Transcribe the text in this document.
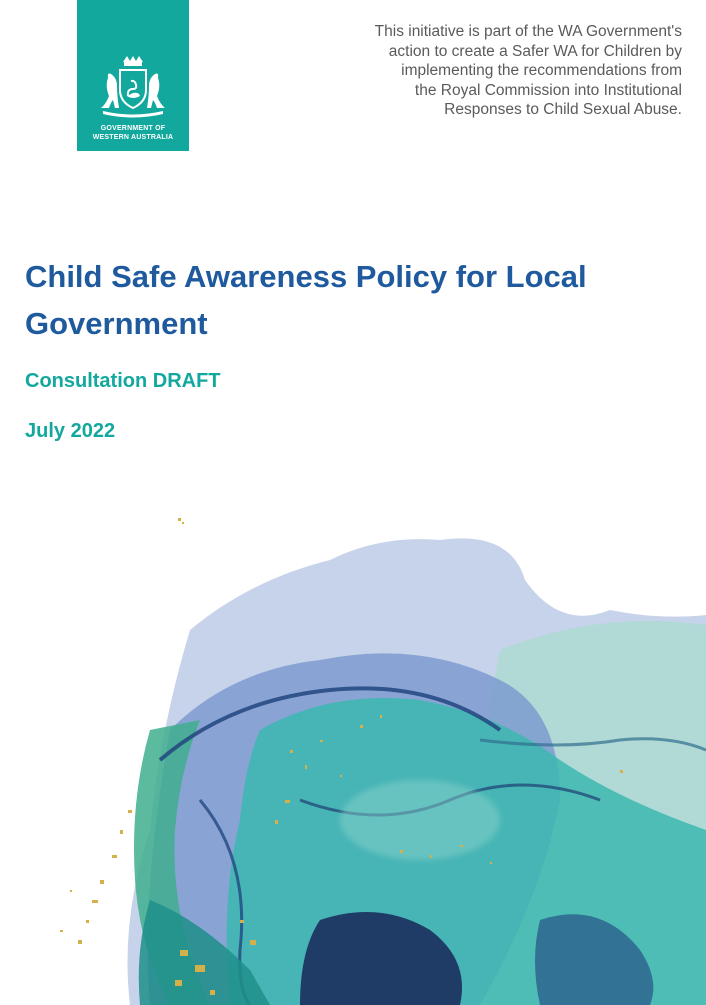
GOVERNMENT OF
WESTERN AUSTRALIA
This initiative is part of the WA Government's
action to create a Safer WA for Children by
implementing the recommendations from
the Royal Commission into Institutional
Responses to Child Sexual Abuse.
Child Safe Awareness Policy for Local
Government
Consultation DRAFT
July 2022
